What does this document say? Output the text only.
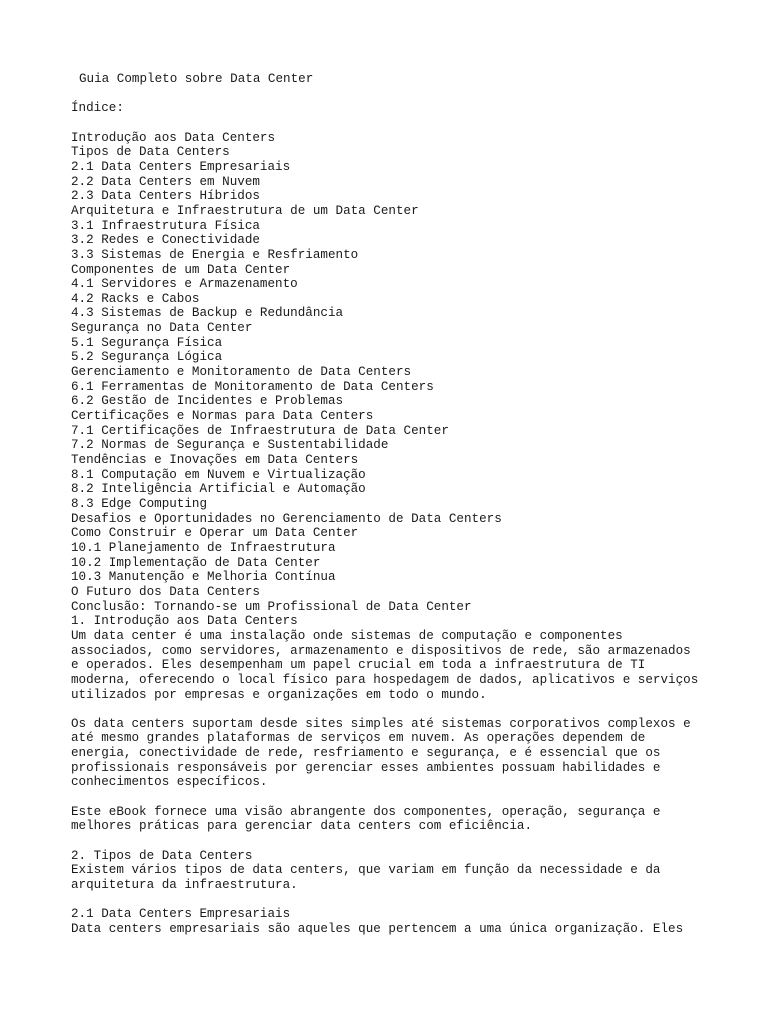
Guia Completo sobre Data Center
Índice:
Introdução aos Data Centers
Tipos de Data Centers
2.1 Data Centers Empresariais
2.2 Data Centers em Nuvem
2.3 Data Centers Híbridos
Arquitetura e Infraestrutura de um Data Center
3.1 Infraestrutura Física
3.2 Redes e Conectividade
3.3 Sistemas de Energia e Resfriamento
Componentes de um Data Center
4.1 Servidores e Armazenamento
4.2 Racks e Cabos
4.3 Sistemas de Backup e Redundância
Segurança no Data Center
5.1 Segurança Física
5.2 Segurança Lógica
Gerenciamento e Monitoramento de Data Centers
6.1 Ferramentas de Monitoramento de Data Centers
6.2 Gestão de Incidentes e Problemas
Certificações e Normas para Data Centers
7.1 Certificações de Infraestrutura de Data Center
7.2 Normas de Segurança e Sustentabilidade
Tendências e Inovações em Data Centers
8.1 Computação em Nuvem e Virtualização
8.2 Inteligência Artificial e Automação
8.3 Edge Computing
Desafios e Oportunidades no Gerenciamento de Data Centers
Como Construir e Operar um Data Center
10.1 Planejamento de Infraestrutura
10.2 Implementação de Data Center
10.3 Manutenção e Melhoria Contínua
O Futuro dos Data Centers
Conclusão: Tornando-se um Profissional de Data Center
1. Introdução aos Data Centers
Um data center é uma instalação onde sistemas de computação e componentes
associados, como servidores, armazenamento e dispositivos de rede, são armazenados
e operados. Eles desempenham um papel crucial em toda a infraestrutura de TI
moderna, oferecendo o local físico para hospedagem de dados, aplicativos e serviços
utilizados por empresas e organizações em todo o mundo.
Os data centers suportam desde sites simples até sistemas corporativos complexos e
até mesmo grandes plataformas de serviços em nuvem. As operações dependem de
energia, conectividade de rede, resfriamento e segurança, e é essencial que os
profissionais responsáveis por gerenciar esses ambientes possuam habilidades e
conhecimentos específicos.
Este eBook fornece uma visão abrangente dos componentes, operação, segurança e
melhores práticas para gerenciar data centers com eficiência.
2. Tipos de Data Centers
Existem vários tipos de data centers, que variam em função da necessidade e da
arquitetura da infraestrutura.
2.1 Data Centers Empresariais
Data centers empresariais são aqueles que pertencem a uma única organização. Eles
